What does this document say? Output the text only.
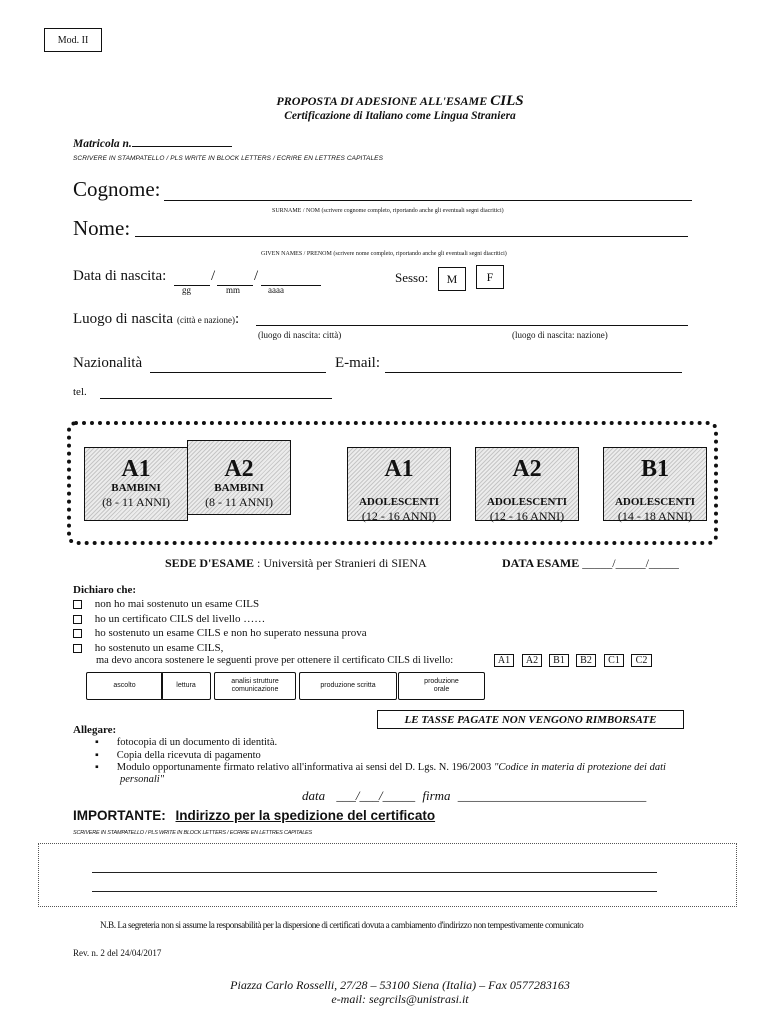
Mod. II
PROPOSTA DI ADESIONE ALL'ESAME CILS
Certificazione di Italiano come Lingua Straniera
Matricola n.
SCRIVERE IN STAMPATELLO / PLS WRITE IN BLOCK LETTERS / ECRIRE EN LETTRES CAPITALES
Cognome:
SURNAME / NOM (scrivere cognome completo, riportando anche gli eventuali segni diacritici)
Nome:
GIVEN NAMES / PRENOM (scrivere nome completo, riportando anche gli eventuali segni diacritici)
Data di nascita:	/	/
gg	mm	aaaa
Sesso:	M	F
Luogo di nascita (città e nazione):
(luogo di nascita: città)	(luogo di nascita: nazione)
Nazionalità	E-mail:
tel.
A1
BAMBINI
(8 - 11 ANNI)
A2
BAMBINI
(8 - 11 ANNI)
A1
ADOLESCENTI
(12 - 16 ANNI)
A2
ADOLESCENTI
(12 - 16 ANNI)
B1
ADOLESCENTI
(14 - 18 ANNI)
SEDE D'ESAME : Università per Stranieri di SIENA	DATA ESAME _____/_____/_____
Dichiaro che:
non ho mai sostenuto un esame CILS
ho un certificato CILS del livello ……
ho sostenuto un esame CILS e non ho superato nessuna prova
ho sostenuto un esame CILS,
ma devo ancora sostenere le seguenti prove per ottenere il certificato CILS di livello:	A1	A2	B1	B2	C1	C2
ascolto	lettura
analisi strutture comunicazione
produzione scritta
produzione orale
LE TASSE PAGATE NON VENGONO RIMBORSATE
Allegare:
▪ fotocopia di un documento di identità.
▪ Copia della ricevuta di pagamento
▪ Modulo opportunamente firmato relativo all'informativa ai sensi del D. Lgs. N. 196/2003 "Codice in materia di protezione dei dati
personali"
data ___/___/_____ firma _____________________________
IMPORTANTE: Indirizzo per la spedizione del certificato
SCRIVERE IN STAMPATELLO / PLS WRITE IN BLOCK LETTERS / ECRIRE EN LETTRES CAPITALES
N.B. La segreteria non si assume la responsabilità per la dispersione di certificati dovuta a cambiamento d'indirizzo non tempestivamente comunicato
Rev. n. 2 del 24/04/2017
Piazza Carlo Rosselli, 27/28 – 53100 Siena (Italia) – Fax 0577283163
e-mail: segrcils@unistrasi.it
